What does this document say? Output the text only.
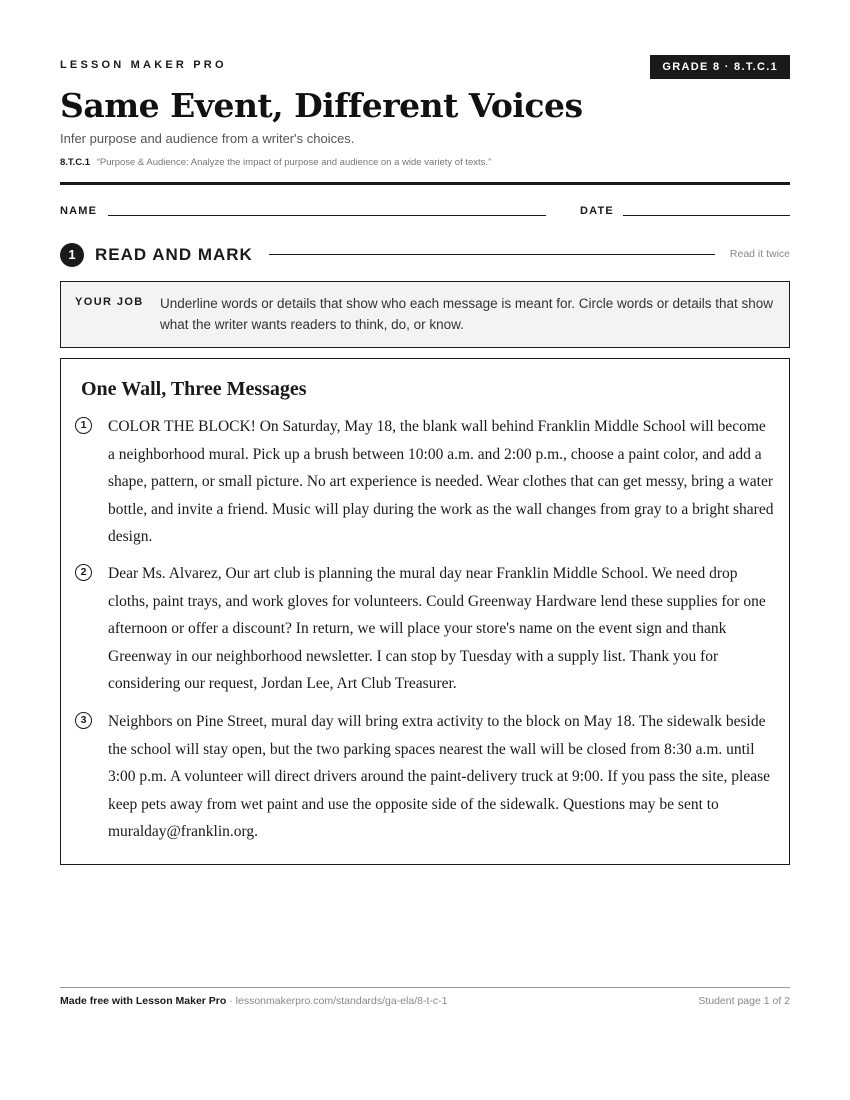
LESSON MAKER PRO	GRADE 8 · 8.T.C.1
Same Event, Different Voices
Infer purpose and audience from a writer's choices.
8.T.C.1 “Purpose & Audience: Analyze the impact of purpose and audience on a wide variety of texts.”
NAME	DATE
1	READ AND MARK	Read it twice
YOUR JOB Underline words or details that show who each message is meant for. Circle words or details that show what the writer wants readers to think, do, or know.
One Wall, Three Messages
1	COLOR THE BLOCK! On Saturday, May 18, the blank wall behind Franklin Middle School will become a neighborhood mural. Pick up a brush between 10:00 a.m. and 2:00 p.m., choose a paint color, and add a shape, pattern, or small picture. No art experience is needed. Wear clothes that can get messy, bring a water bottle, and invite a friend. Music will play during the work as the wall changes from gray to a bright shared design.

2	Dear Ms. Alvarez, Our art club is planning the mural day near Franklin Middle School. We need drop cloths, paint trays, and work gloves for volunteers. Could Greenway Hardware lend these supplies for one afternoon or offer a discount? In return, we will place your store's name on the event sign and thank Greenway in our neighborhood newsletter. I can stop by Tuesday with a supply list. Thank you for considering our request, Jordan Lee, Art Club Treasurer.

3	Neighbors on Pine Street, mural day will bring extra activity to the block on May 18. The sidewalk beside the school will stay open, but the two parking spaces nearest the wall will be closed from 8:30 a.m. until 3:00 p.m. A volunteer will direct drivers around the paint-delivery truck at 9:00. If you pass the site, please keep pets away from wet paint and use the opposite side of the sidewalk. Questions may be sent to muralday@franklin.org.

Made free with Lesson Maker Pro · lessonmakerpro.com/standards/ga-ela/8-t-c-1	Student page 1 of 2
